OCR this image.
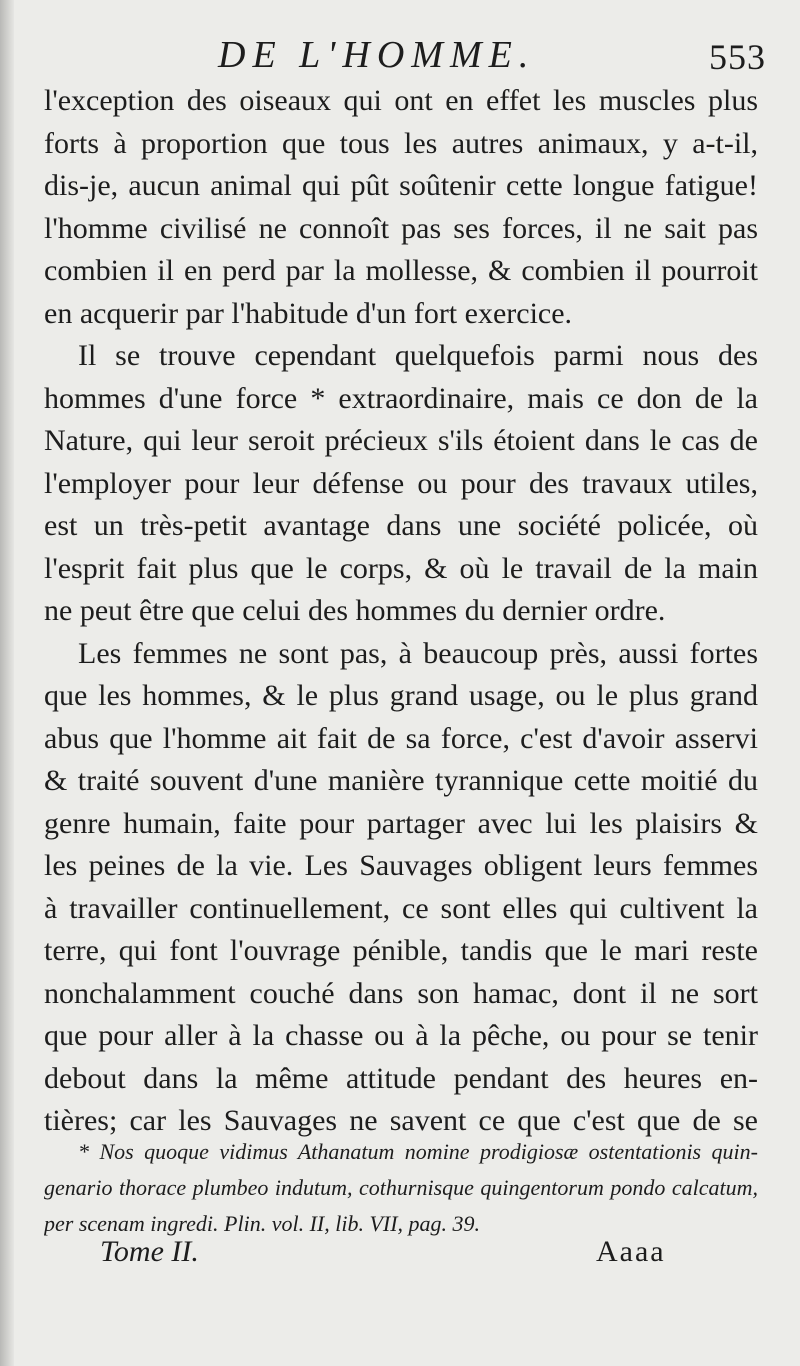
DE L'HOMME.	553
l'exception des oiseaux qui ont en effet les muscles plus
forts à proportion que tous les autres animaux, y a-t-il,
dis-je, aucun animal qui pût soûtenir cette longue fatigue!
l'homme civilisé ne connoît pas ses forces, il ne sait pas
combien il en perd par la mollesse, & combien il pourroit
en acquerir par l'habitude d'un fort exercice.
Il se trouve cependant quelquefois parmi nous des
hommes d'une force * extraordinaire, mais ce don de la
Nature, qui leur seroit précieux s'ils étoient dans le cas de
l'employer pour leur défense ou pour des travaux utiles,
est un très-petit avantage dans une société policée, où
l'esprit fait plus que le corps, & où le travail de la main
ne peut être que celui des hommes du dernier ordre.
Les femmes ne sont pas, à beaucoup près, aussi fortes
que les hommes, & le plus grand usage, ou le plus grand
abus que l'homme ait fait de sa force, c'est d'avoir asservi
& traité souvent d'une manière tyrannique cette moitié du
genre humain, faite pour partager avec lui les plaisirs &
les peines de la vie. Les Sauvages obligent leurs femmes
à travailler continuellement, ce sont elles qui cultivent la
terre, qui font l'ouvrage pénible, tandis que le mari reste
nonchalamment couché dans son hamac, dont il ne sort
que pour aller à la chasse ou à la pêche, ou pour se tenir
debout dans la même attitude pendant des heures en-
tières; car les Sauvages ne savent ce que c'est que de se
* Nos quoque vidimus Athanatum nomine prodigiosæ ostentationis quin-
genario thorace plumbeo indutum, cothurnisque quingentorum pondo calcatum,
per scenam ingredi. Plin. vol. II, lib. VII, pag. 39.
Tome II.	Aaaa
